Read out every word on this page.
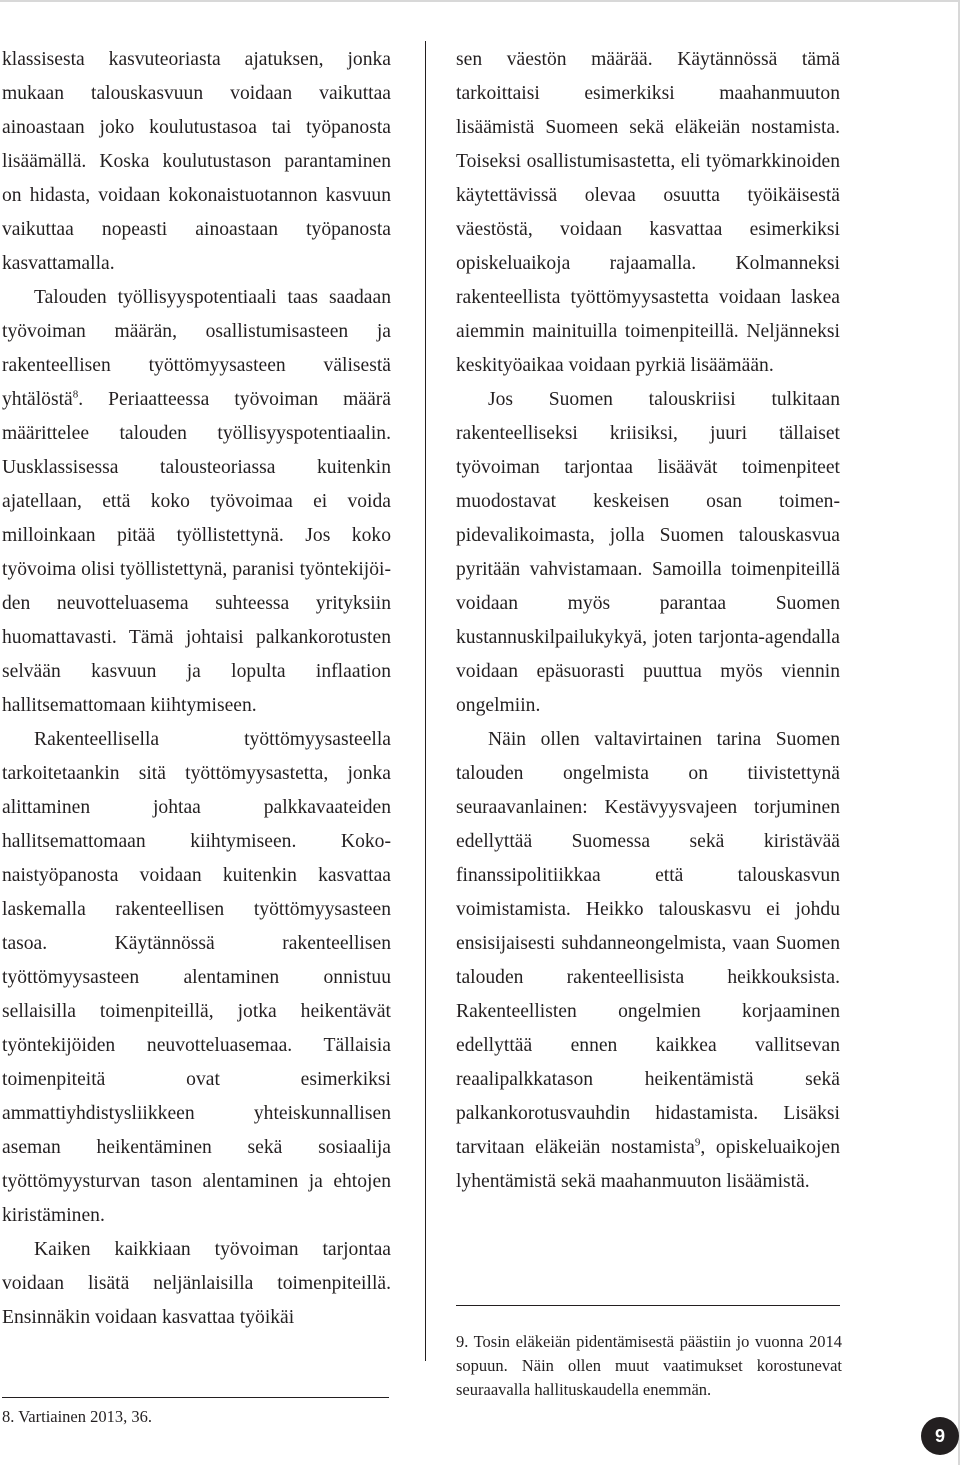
klassisesta kasvuteoriasta ajatuksen, jonka mukaan talouskasvuun voidaan vaikuttaa ainoastaan joko koulutustasoa tai työpanosta lisäämällä. Koska koulutustason parantaminen on hidasta, voidaan kokonaistuotannon kasvuun vaikuttaa nopeasti ainoastaan työpanosta kasvattamalla.

Talouden työllisyyspotentiaali taas saadaan työvoiman määrän, osallistumisasteen ja rakenteellisen työttömyysasteen välisestä yhtälöstä$^8$. Periaatteessa työvoiman määrä määrittelee talouden työllisyyspotentiaalin. Uusklassisessa talousteoriassa kuitenkin ajatellaan, että koko työvoimaa ei voida milloinkaan pitää työllistettynä. Jos koko työvoima olisi työllistettynä, paranisi työntekijöiden neuvotteluasema suhteessa yrityksiin huomattavasti. Tämä johtaisi palkankorotusten selvään kasvuun ja lopulta inflaation hallitsemattomaan kiihtymiseen.

Rakenteellisella työttömyysasteella tarkoitetaankin sitä työttömyysastetta, jonka alittaminen johtaa palkkavaateiden hallitsemattomaan kiihtymiseen. Kokonaistyöpanosta voidaan kuitenkin kasvattaa laskemalla rakenteellisen työttömyysasteen tasoa. Käytännössä rakenteellisen työttömyysasteen alentaminen onnistuu sellaisilla toimenpiteillä, jotka heikentävät työntekijöiden neuvotteluasemaa. Tällaisia toimenpiteitä ovat esimerkiksi ammattiyhdistysliikkeen yhteiskunnallisen aseman heikentäminen sekä sosiaalija työttömyysturvan tason alentaminen ja ehtojen kiristäminen.

Kaiken kaikkiaan työvoiman tarjontaa voidaan lisätä neljänlaisilla toimenpiteillä. Ensinnäkin voidaan kasvattaa työikäi

sen väestön määrää. Käytännössä tämä tarkoittaisi esimerkiksi maahanmuuton lisäämistä Suomeen sekä eläkeiän nostamista. Toiseksi osallistumisastetta, eli työmarkkinoiden käytettävissä olevaa osuutta työikäisestä väestöstä, voidaan kasvattaa esimerkiksi opiskeluaikoja rajaamalla. Kolmanneksi rakenteellista työttömyysastetta voidaan laskea aiemmin mainituilla toimenpiteillä. Neljänneksi keskityöaikaa voidaan pyrkiä lisäämään.

Jos Suomen talouskriisi tulkitaan rakenteelliseksi kriisiksi, juuri tällaiset työvoiman tarjontaa lisäävät toimenpiteet muodostavat keskeisen osan toimenpidevalikoimasta, jolla Suomen talouskasvua pyritään vahvistamaan. Samoilla toimenpiteillä voidaan myös parantaa Suomen kustannuskilpailukykyä, joten tarjonta-agendalla voidaan epäsuorasti puuttua myös viennin ongelmiin.

Näin ollen valtavirtainen tarina Suomen talouden ongelmista on tiivistettynä seuraavanlainen: Kestävyysvajeen torjuminen edellyttää Suomessa sekä kiristävää finanssipolitiikkaa että talouskasvun voimistamista. Heikko talouskasvu ei johdu ensisijaisesti suhdanneongelmista, vaan Suomen talouden rakenteellisista heikkouksista. Rakenteellisten ongelmien korjaaminen edellyttää ennen kaikkea vallitsevan reaalipalkkatason heikentämistä sekä palkankorotusvauhdin hidastamista. Lisäksi tarvitaan eläkeiän nostamista$^9$, opiskeluaikojen lyhentämistä sekä maahanmuuton lisäämistä.

9. Tosin eläkeiän pidentämisestä päästiin jo vuonna 2014 sopuun. Näin ollen muut vaatimukset korostunevat seuraavalla hallituskaudella enemmän.
8. Vartiainen 2013, 36.
9
